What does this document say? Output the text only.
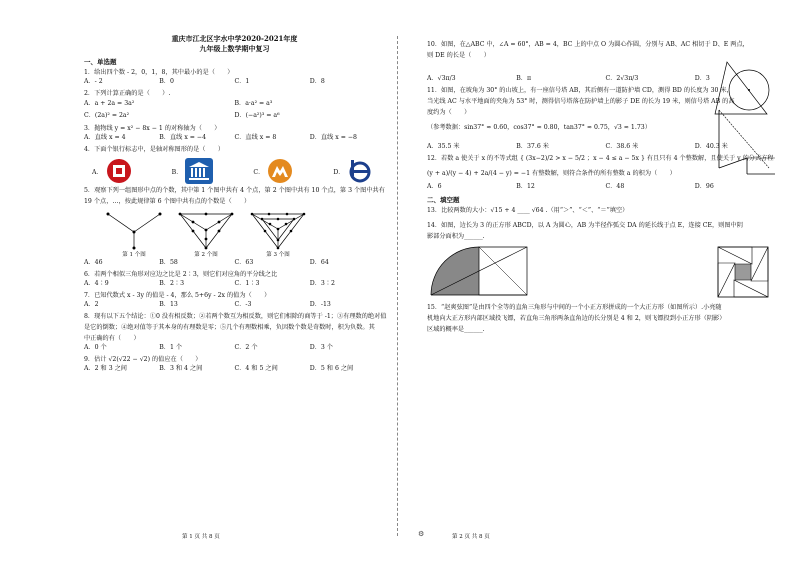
重庆市江北区字水中学2020-2021年度
九年级上数学期中复习
一、单选题
1．给出四个数 - 2，0，1，8，其中最小的是（　　）
A．- 2	B．0	C．1	D．8
2．下列计算正确的是（　　）.
A．a + 2a = 3a²	B．a·a² = a³
C．(2a)² = 2a²	D．(−a²)³ = a⁶
3．抛物线 y = x² − 8x − 1 的对称轴为（　　）
A．直线 x = 4	B．直线 x = −4	C．直线 x = 8	D．直线 x = −8
4．下面个银行标志中，是轴对称图形的是（　　）
A．	B．	C．	D．
5．观察下列一组图形中点的个数，其中第 1 个图中共有 4 个点，第 2 个图中共有 10 个点，第 3 个图中共有
19 个点，…，按此规律第 6 个图中共有点的个数是（　　）
第 1 个图	第 2 个图	第 3 个图
A．46	B．58	C．63	D．64
6．若两个相似三角形对应边之比是 2∶3，则它们对应角的平分线之比
A．4∶9	B．2∶3	C．1∶3	D．3∶2
7．已知代数式 x - 3y 的值是 - 4，那么 5+6y - 2x 的值为（　　）
A．2	B．13	C．-3	D．-13
8．现有以下五个结论：①0 没有相反数；②若两个数互为相反数，则它们相除的商等于 -1；③有理数的绝对值
是它的倒数；④绝对值等于其本身的有理数是零；⑤几个有理数相乘，负因数个数是奇数时，积为负数。其
中正确的有（　　）
A．0 个	B．1 个	C．2 个	D．3 个
9．估计 √2(√22 − √2) 的值应在（　　）
A．2 和 3 之间	B．3 和 4 之间	C．4 和 5 之间	D．5 和 6 之间
10．如图，在△ABC 中，∠A = 60°，AB = 4，BC 上的中点 O 为圆心作圆，分别与 AB、AC 相切于 D、E 两点，
则 DE 的长是（　　）
A．√3π/3	B．π	C．2√3π/3	D．3
11．如图，在坡角为 30° 的山坡上，有一座信号塔 AB，其后侧有一道防护墙 CD，测得 BD 的长度为 30 米，
当光线 AC 与水平地面的夹角为 53° 时，测得信号塔落在防护墙上的影子 DE 的长为 19 米，则信号塔 AB 的高
度约为（　　）
（参考数据：sin37° ≈ 0.60，cos37° ≈ 0.80，tan37° ≈ 0.75，√3 ≈ 1.73）
A．35.5 米	B．37.6 米	C．38.6 米	D．40.3 米
12．若数 a 使关于 x 的不等式组 { (3x−2)/2 > x − 5/2 ；x − 4 ≤ a − 5x } 有且只有 4 个整数解，且使关于 y 的分式方程
(y + a)/(y − 4) + 2a/(4 − y) = −1 有整数解，则符合条件的所有整数 a 的积为（　　）
A．6	B．12	C．48	D．96
二、填空题
13．比较两数的大小：√15 + 4 ____ √64 .（用“＞”、“＜”、“＝”填空）
14．如图，边长为 3 的正方形 ABCD，以 A 为圆心，AB 为半径作弧交 DA 的延长线于点 E，连接 CE，则图中阴
影部分面积为______.
15．“赵爽弦图”是由四个全等的直角三角形与中间的一个小正方形拼成的一个大正方形（如图所示）.小亮随
机地向大正方形内部区域投飞镖，若直角三角形两条直角边的长分别是 4 和 2，则飞镖投到小正方形（阴影）
区域的概率是______.
第 1 页 共 8 页	⚙	第 2 页 共 8 页
